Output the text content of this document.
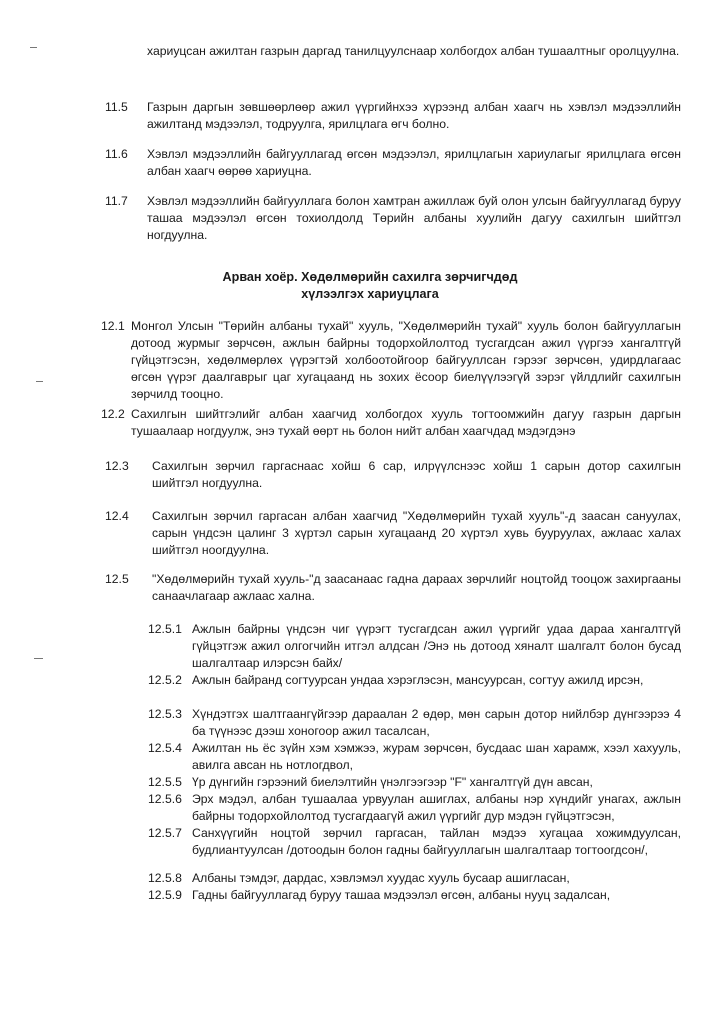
хариуцсан ажилтан газрын даргад танилцуулснаар холбогдох албан тушаалтныг оролцуулна.
11.5 Газрын даргын зөвшөөрлөөр ажил үүргийнхээ хүрээнд албан хаагч нь хэвлэл мэдээллийн ажилтанд мэдээлэл, тодруулга, ярилцлага өгч болно.
11.6 Хэвлэл мэдээллийн байгууллагад өгсөн мэдээлэл, ярилцлагын хариулагыг ярилцлага өгсөн албан хаагч өөрөө хариуцна.
11.7 Хэвлэл мэдээллийн байгууллага болон хамтран ажиллаж буй олон улсын байгууллагад буруу ташаа мэдээлэл өгсөн тохиолдолд Төрийн албаны хуулийн дагуу сахилгын шийтгэл ногдуулна.
Арван хоёр. Хөдөлмөрийн сахилга зөрчигчдөд
хүлээлгэх хариуцлага
12.1 Монгол Улсын "Төрийн албаны тухай" хууль, "Хөдөлмөрийн тухай" хууль болон байгууллагын дотоод журмыг зөрчсөн, ажлын байрны тодорхойлолтод тусгагдсан ажил үүргээ хангалтгүй гүйцэтгэсэн, хөдөлмөрлөх үүрэгтэй холбоотойгоор байгууллсан гэрээг зөрчсөн, удирдлагаас өгсөн үүрэг даалгаврыг цаг хугацаанд нь зохих ёсоор биелүүлээгүй зэрэг үйлдлийг сахилгын зөрчилд тооцно.
12.2 Сахилгын шийтгэлийг албан хаагчид холбогдох хууль тогтоомжийн дагуу газрын даргын тушаалаар ногдуулж, энэ тухай өөрт нь болон нийт албан хаагчдад мэдэгдэнэ
12.3 Сахилгын зөрчил гаргаснаас хойш 6 сар, илрүүлснээс хойш 1 сарын дотор сахилгын шийтгэл ногдуулна.
12.4 Сахилгын зөрчил гаргасан албан хаагчид "Хөдөлмөрийн тухай хууль"-д заасан сануулах, сарын үндсэн цалинг 3 хүртэл сарын хугацаанд 20 хүртэл хувь бууруулах, ажлаас халах шийтгэл ноогдуулна.
12.5 "Хөдөлмөрийн тухай хууль-"д заасанаас гадна дараах зөрчлийг ноцтойд тооцож захиргааны санаачлагаар ажлаас хална.
12.5.1 Ажлын байрны үндсэн чиг үүрэгт тусгагдсан ажил үүргийг удаа дараа хангалтгүй гүйцэтгэж ажил олгогчийн итгэл алдсан /Энэ нь дотоод хяналт шалгалт болон бусад шалгалтаар илэрсэн байх/
12.5.2 Ажлын байранд согтуурсан ундаа хэрэглэсэн, мансуурсан, согтуу ажилд ирсэн,
12.5.3 Хүндэтгэх шалтгаангүйгээр дараалан 2 өдөр, мөн сарын дотор нийлбэр дүнгээрээ 4 ба түүнээс дээш хоногоор ажил тасалсан,
12.5.4 Ажилтан нь ёс зүйн хэм хэмжээ, журам зөрчсөн, бусдаас шан харамж, хээл хахууль, авилга авсан нь нотлогдвол,
12.5.5 Үр дүнгийн гэрээний биелэлтийн үнэлгээгээр "F" хангалтгүй дүн авсан,
12.5.6 Эрх мэдэл, албан тушаалаа урвуулан ашиглах, албаны нэр хүндийг унагах, ажлын байрны тодорхойлолтод тусгагдаагүй ажил үүргийг дур мэдэн гүйцэтгэсэн,
12.5.7 Санхүүгийн ноцтой зөрчил гаргасан, тайлан мэдээ хугацаа хожимдуулсан, будлиантуулсан /дотоодын болон гадны байгууллагын шалгалтаар тогтоогдсон/,
12.5.8 Албаны тэмдэг, дардас, хэвлэмэл хуудас хууль бусаар ашигласан,
12.5.9 Гадны байгууллагад буруу ташаа мэдээлэл өгсөн, албаны нууц задалсан,
